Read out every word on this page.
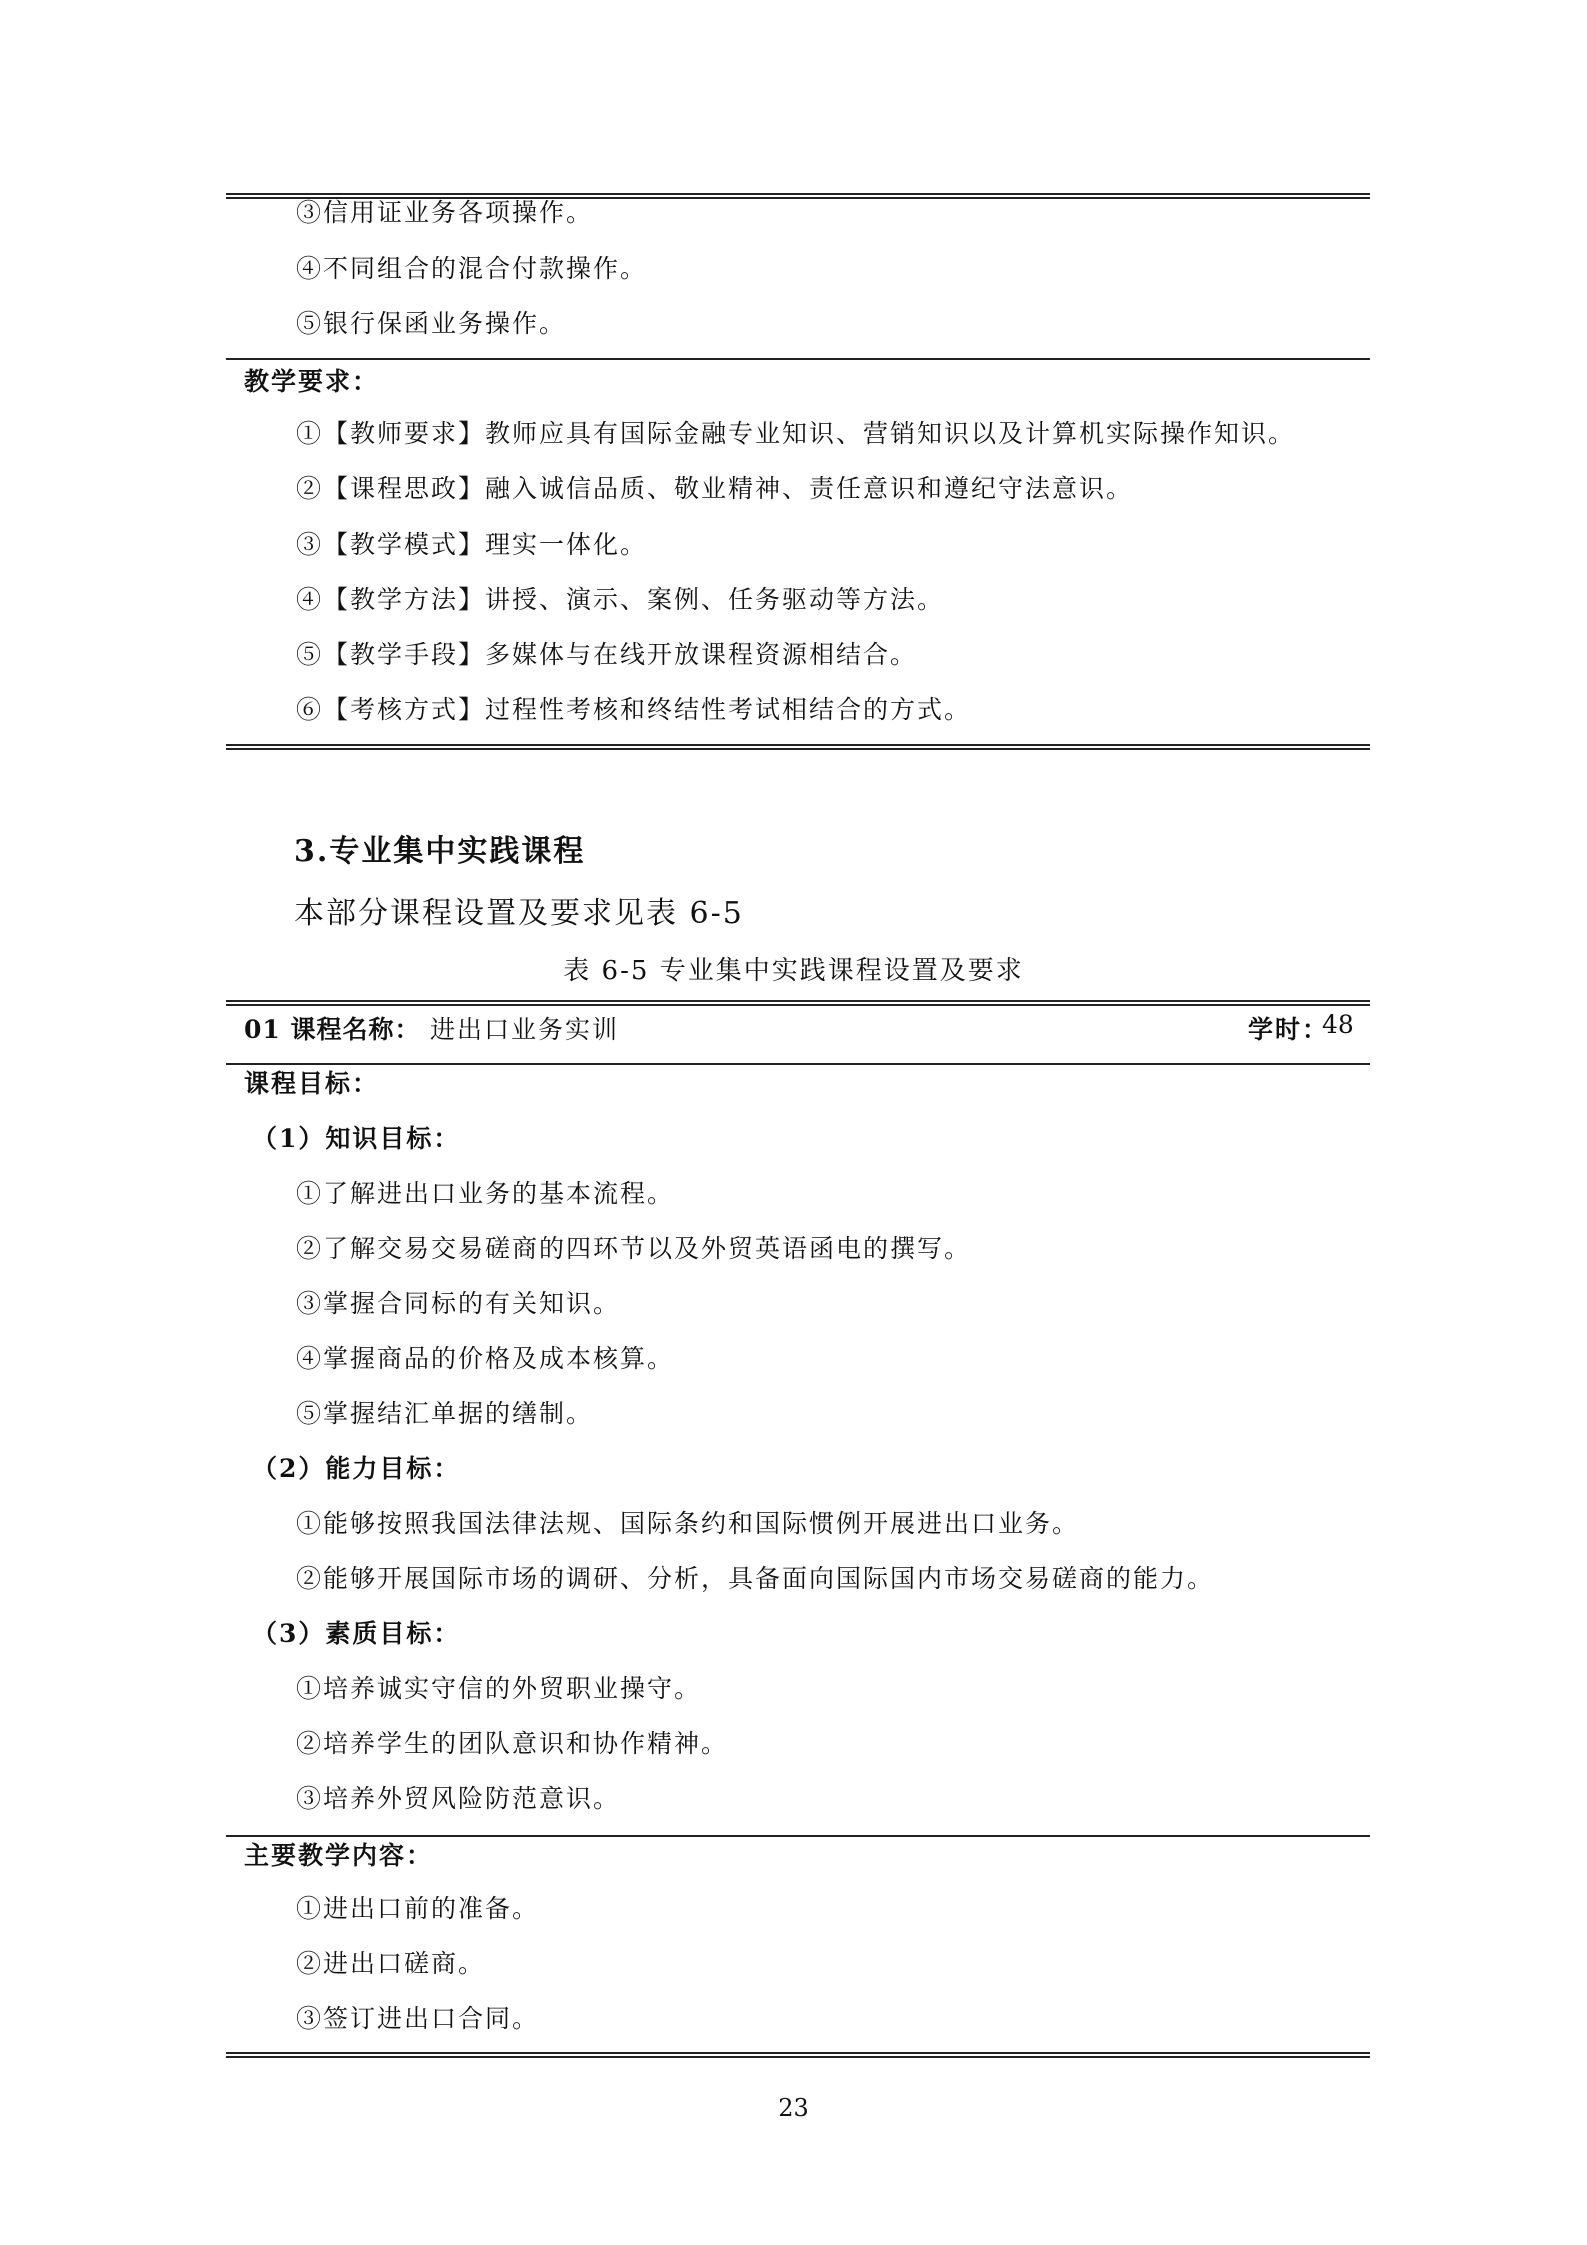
③信用证业务各项操作。
④不同组合的混合付款操作。
⑤银行保函业务操作。
教学要求：
①【教师要求】教师应具有国际金融专业知识、营销知识以及计算机实际操作知识。
②【课程思政】融入诚信品质、敬业精神、责任意识和遵纪守法意识。
③【教学模式】理实一体化。
④【教学方法】讲授、演示、案例、任务驱动等方法。
⑤【教学手段】多媒体与在线开放课程资源相结合。
⑥【考核方式】过程性考核和终结性考试相结合的方式。
3.专业集中实践课程
本部分课程设置及要求见表 6-5
表 6-5 专业集中实践课程设置及要求
01 课程名称： 进出口业务实训	学时：
48
课程目标：
（1）知识目标：
①了解进出口业务的基本流程。
②了解交易交易磋商的四环节以及外贸英语函电的撰写。
③掌握合同标的有关知识。
④掌握商品的价格及成本核算。
⑤掌握结汇单据的缮制。
（2）能力目标：
①能够按照我国法律法规、国际条约和国际惯例开展进出口业务。
②能够开展国际市场的调研、分析，具备面向国际国内市场交易磋商的能力。
（3）素质目标：
①培养诚实守信的外贸职业操守。
②培养学生的团队意识和协作精神。
③培养外贸风险防范意识。
主要教学内容：
①进出口前的准备。
②进出口磋商。
③签订进出口合同。
23
